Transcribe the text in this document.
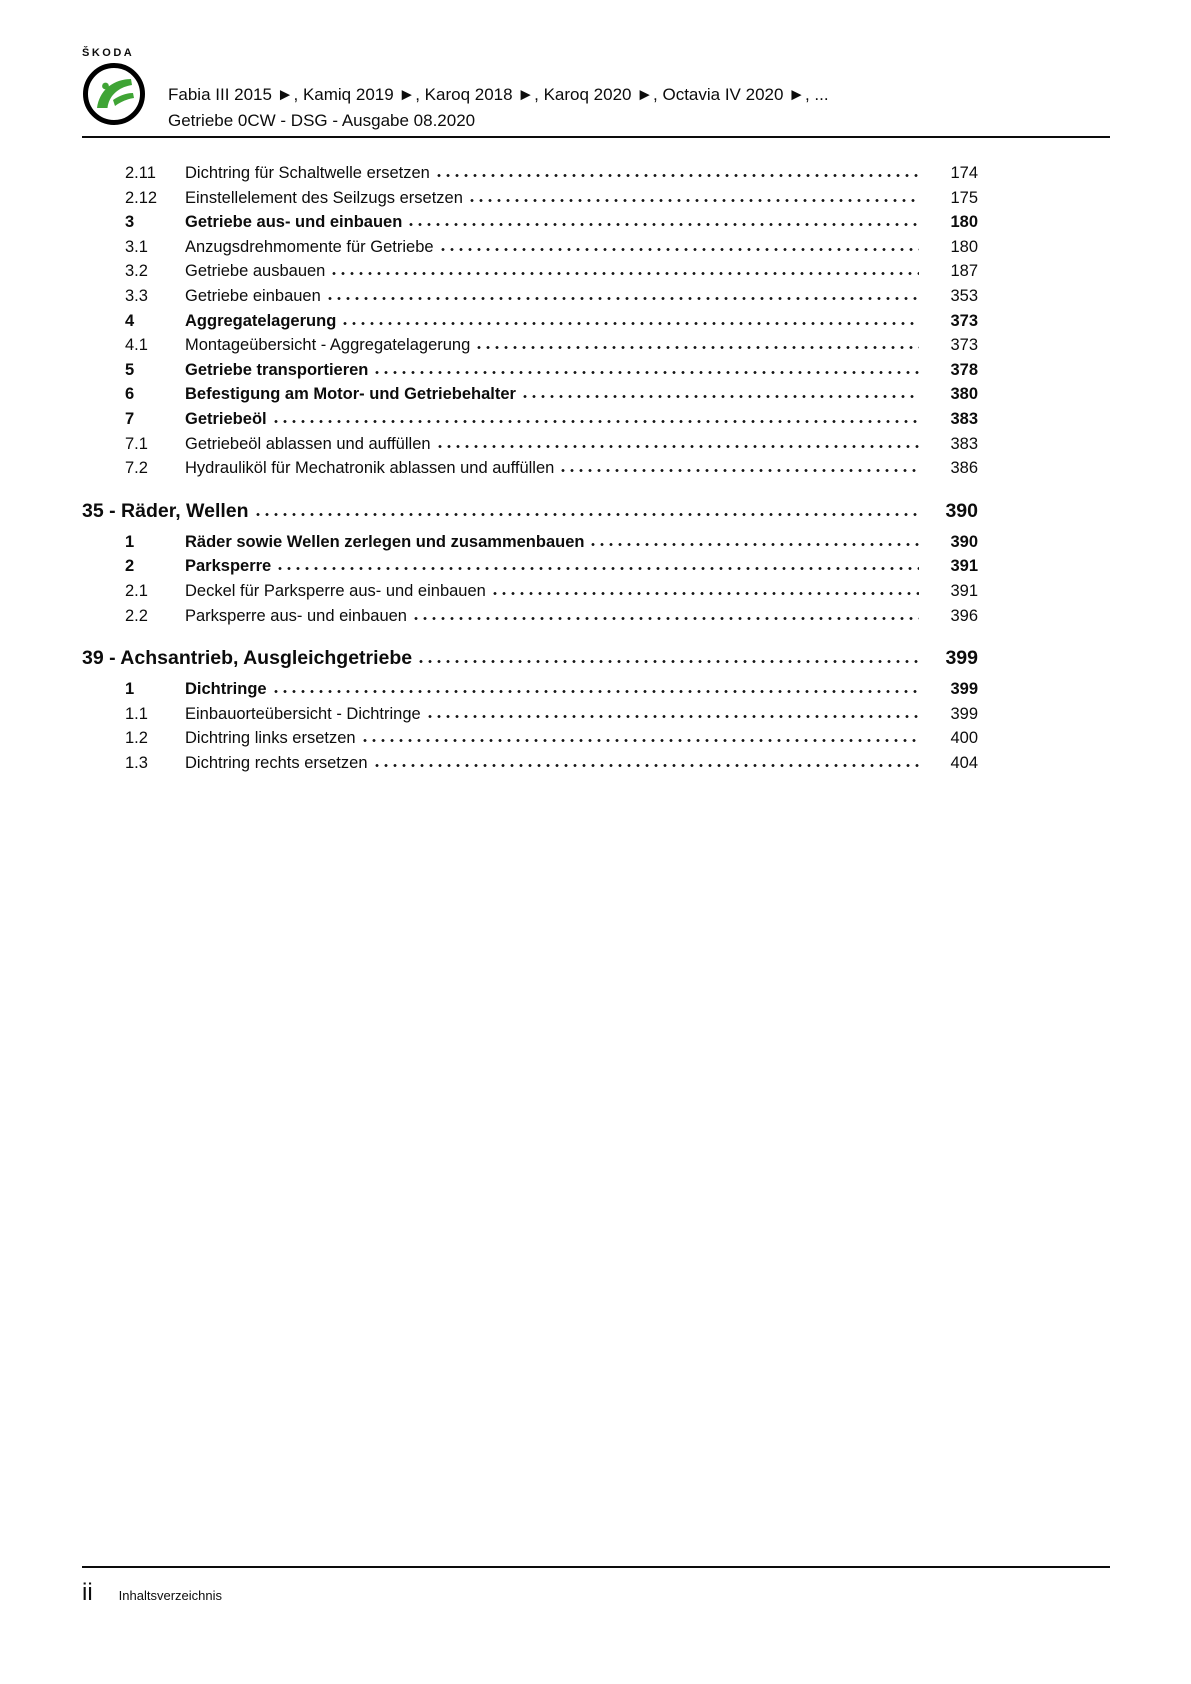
ŠKODA
Fabia III 2015 ►, Kamiq 2019 ►, Karoq 2018 ►, Karoq 2020 ►, Octavia IV 2020 ►, ...
Getriebe 0CW - DSG - Ausgabe 08.2020
2.11	Dichtring für Schaltwelle ersetzen	174
2.12	Einstellelement des Seilzugs ersetzen	175
3	Getriebe aus- und einbauen	180
3.1	Anzugsdrehmomente für Getriebe	180
3.2	Getriebe ausbauen	187
3.3	Getriebe einbauen	353
4	Aggregatelagerung	373
4.1	Montageübersicht - Aggregatelagerung	373
5	Getriebe transportieren	378
6	Befestigung am Motor- und Getriebehalter	380
7	Getriebeöl	383
7.1	Getriebeöl ablassen und auffüllen	383
7.2	Hydrauliköl für Mechatronik ablassen und auffüllen	386
35 - Räder, Wellen	390
1	Räder sowie Wellen zerlegen und zusammenbauen	390
2	Parksperre	391
2.1	Deckel für Parksperre aus- und einbauen	391
2.2	Parksperre aus- und einbauen	396
39 - Achsantrieb, Ausgleichgetriebe	399
1	Dichtringe	399
1.1	Einbauorteübersicht - Dichtringe	399
1.2	Dichtring links ersetzen	400
1.3	Dichtring rechts ersetzen	404
ii Inhaltsverzeichnis
